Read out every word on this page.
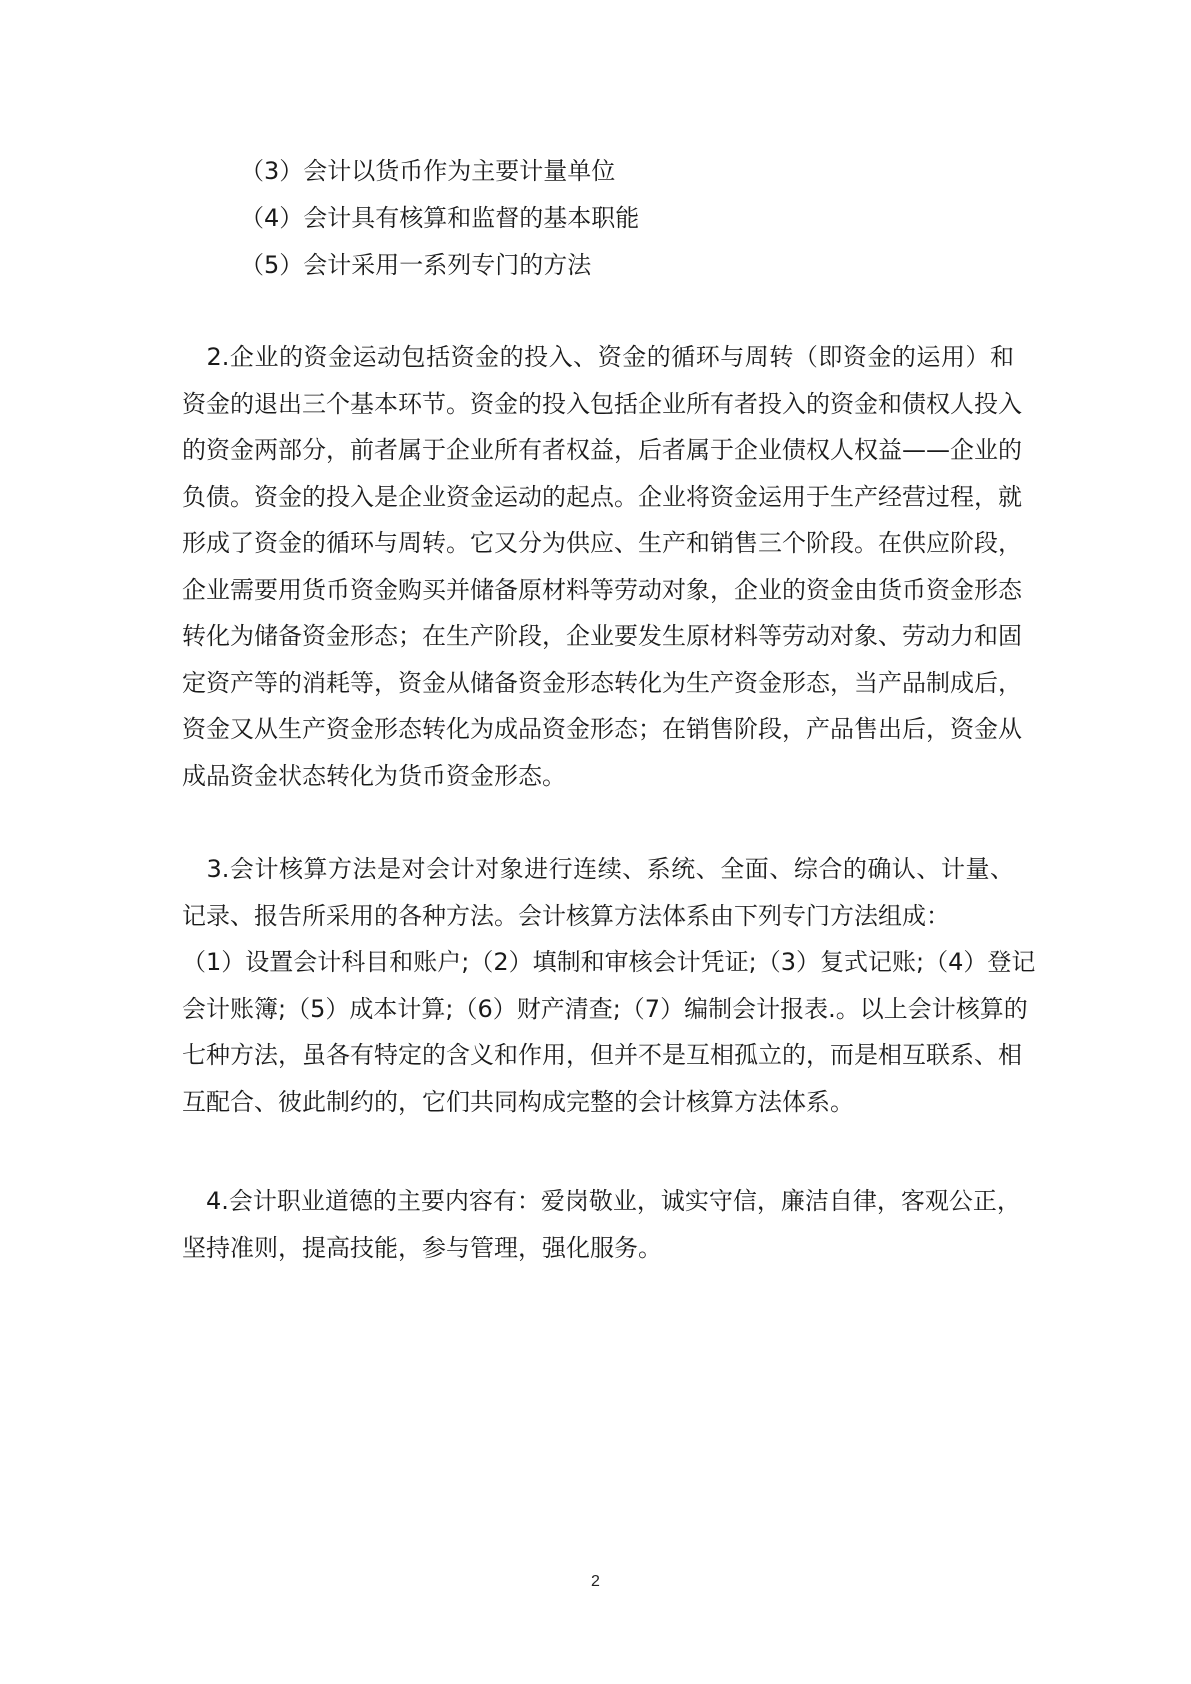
（3）会计以货币作为主要计量单位
（4）会计具有核算和监督的基本职能
（5）会计采用一系列专门的方法
　2.企业的资金运动包括资金的投入、资金的循环与周转（即资金的运用）和
资金的退出三个基本环节。资金的投入包括企业所有者投入的资金和债权人投入
的资金两部分，前者属于企业所有者权益，后者属于企业债权人权益——企业的
负债。资金的投入是企业资金运动的起点。企业将资金运用于生产经营过程，就
形成了资金的循环与周转。它又分为供应、生产和销售三个阶段。在供应阶段，
企业需要用货币资金购买并储备原材料等劳动对象，企业的资金由货币资金形态
转化为储备资金形态；在生产阶段，企业要发生原材料等劳动对象、劳动力和固
定资产等的消耗等，资金从储备资金形态转化为生产资金形态，当产品制成后，
资金又从生产资金形态转化为成品资金形态；在销售阶段，产品售出后，资金从
成品资金状态转化为货币资金形态。
　3.会计核算方法是对会计对象进行连续、系统、全面、综合的确认、计量、
记录、报告所采用的各种方法。会计核算方法体系由下列专门方法组成：
（1）设置会计科目和账户;（2）填制和审核会计凭证;（3）复式记账;（4）登记
会计账簿;（5）成本计算;（6）财产清查;（7）编制会计报表.。以上会计核算的
七种方法，虽各有特定的含义和作用，但并不是互相孤立的，而是相互联系、相
互配合、彼此制约的，它们共同构成完整的会计核算方法体系。
　4.会计职业道德的主要内容有：爱岗敬业，诚实守信，廉洁自律，客观公正，
坚持准则，提高技能，参与管理，强化服务。
2
